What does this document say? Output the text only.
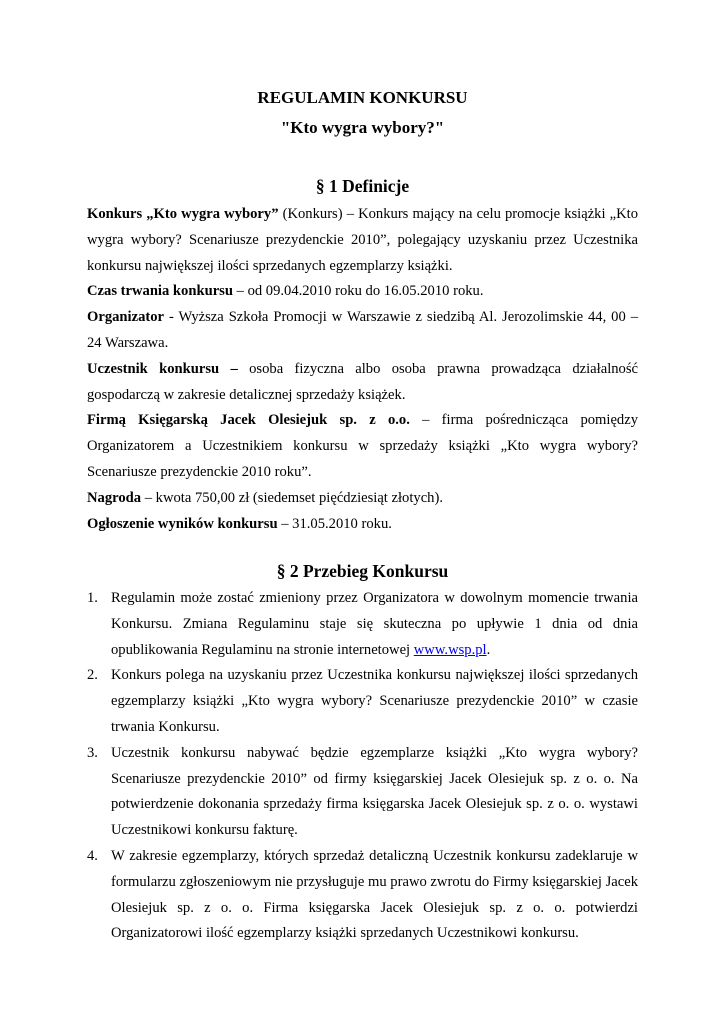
REGULAMIN KONKURSU
"Kto wygra wybory?"
§ 1 Definicje

Konkurs „Kto wygra wybory” (Konkurs) – Konkurs mający na celu promocje książki „Kto wygra wybory? Scenariusze prezydenckie 2010”, polegający uzyskaniu przez Uczestnika konkursu największej ilości sprzedanych egzemplarzy książki.

Czas trwania konkursu – od 09.04.2010 roku do 16.05.2010 roku.

Organizator - Wyższa Szkoła Promocji w Warszawie z siedzibą Al. Jerozolimskie 44, 00 – 24 Warszawa.

Uczestnik konkursu – osoba fizyczna albo osoba prawna prowadząca działalność gospodarczą w zakresie detalicznej sprzedaży książek.

Firmą Księgarską Jacek Olesiejuk sp. z o.o. – firma pośrednicząca pomiędzy Organizatorem a Uczestnikiem konkursu w sprzedaży książki „Kto wygra wybory? Scenariusze prezydenckie 2010 roku”.

Nagroda – kwota 750,00 zł (siedemset pięćdziesiąt złotych).

Ogłoszenie wyników konkursu – 31.05.2010 roku.

§ 2 Przebieg Konkursu
1. Regulamin może zostać zmieniony przez Organizatora w dowolnym momencie trwania Konkursu. Zmiana Regulaminu staje się skuteczna po upływie 1 dnia od dnia opublikowania Regulaminu na stronie internetowej www.wsp.pl.
2. Konkurs polega na uzyskaniu przez Uczestnika konkursu największej ilości sprzedanych egzemplarzy książki „Kto wygra wybory? Scenariusze prezydenckie 2010” w czasie trwania Konkursu.
3. Uczestnik konkursu nabywać będzie egzemplarze książki „Kto wygra wybory? Scenariusze prezydenckie 2010” od firmy księgarskiej Jacek Olesiejuk sp. z o. o. Na potwierdzenie dokonania sprzedaży firma księgarska Jacek Olesiejuk sp. z o. o. wystawi Uczestnikowi konkursu fakturę.
4. W zakresie egzemplarzy, których sprzedaż detaliczną Uczestnik konkursu zadeklaruje w formularzu zgłoszeniowym nie przysługuje mu prawo zwrotu do Firmy księgarskiej Jacek Olesiejuk sp. z o. o. Firma księgarska Jacek Olesiejuk sp. z o. o. potwierdzi Organizatorowi ilość egzemplarzy książki sprzedanych Uczestnikowi konkursu.
